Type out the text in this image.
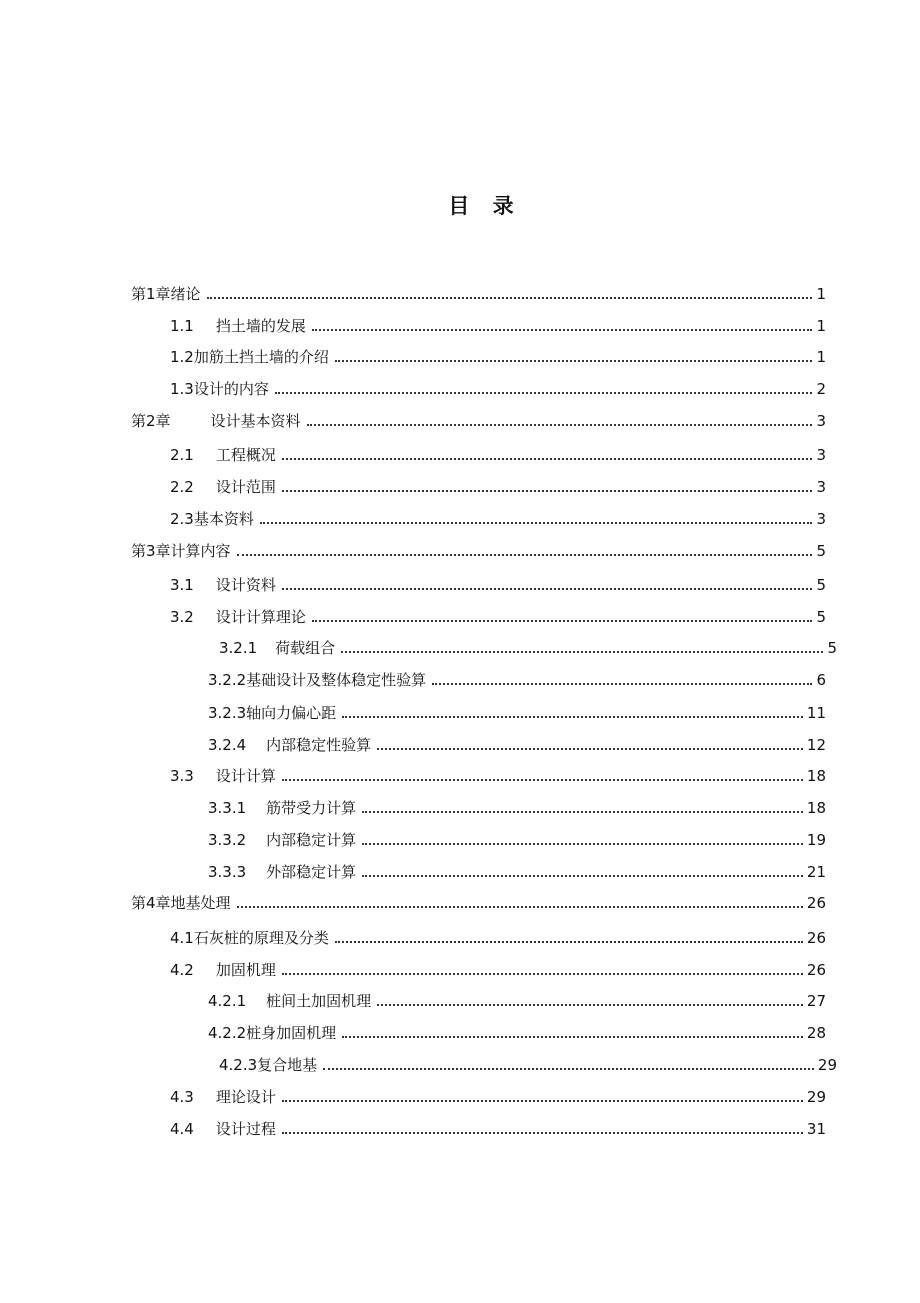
目 录
第1章绪论	1
1.1 挡土墙的发展	1
1.2加筋土挡土墙的介绍	1
1.3设计的内容	2
第2章	设计基本资料	3
2.1 工程概况	3
2.2 设计范围	3
2.3基本资料	3
第3章计算内容	5
3.1 设计资料	5
3.2 设计计算理论	5
3.2.1 荷载组合	5
3.2.2基础设计及整体稳定性验算	6
3.2.3轴向力偏心距	11
3.2.4 内部稳定性验算	12
3.3 设计计算	18
3.3.1 筋带受力计算	18
3.3.2 内部稳定计算	19
3.3.3 外部稳定计算	21
第4章地基处理	26
4.1石灰桩的原理及分类	26
4.2 加固机理	26
4.2.1 桩间土加固机理	27
4.2.2桩身加固机理	28
4.2.3复合地基	29
4.3 理论设计	29
4.4 设计过程	31
